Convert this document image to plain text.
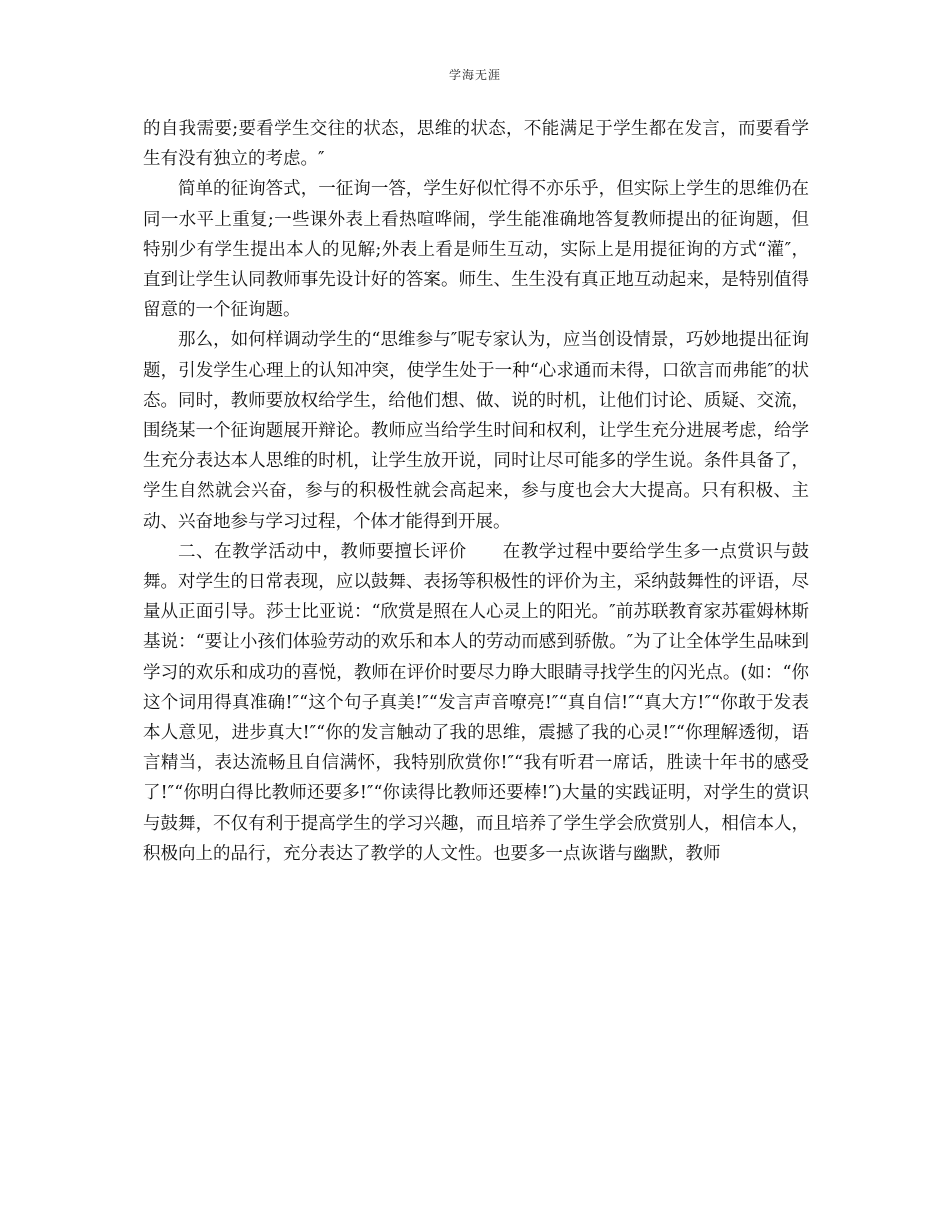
学海无涯

的自我需要;要看学生交往的状态，思维的状态，不能满足于学生都在发言，而要看学生有没有独立的考虑。″

简单的征询答式，一征询一答，学生好似忙得不亦乐乎，但实际上学生的思维仍在同一水平上重复;一些课外表上看热喧哗闹，学生能准确地答复教师提出的征询题，但特别少有学生提出本人的见解;外表上看是师生互动，实际上是用提征询的方式“灌″，直到让学生认同教师事先设计好的答案。师生、生生没有真正地互动起来，是特别值得留意的一个征询题。

那么，如何样调动学生的“思维参与″呢专家认为，应当创设情景，巧妙地提出征询题，引发学生心理上的认知冲突，使学生处于一种“心求通而未得，口欲言而弗能″的状态。同时，教师要放权给学生，给他们想、做、说的时机，让他们讨论、质疑、交流，围绕某一个征询题展开辩论。教师应当给学生时间和权利，让学生充分进展考虑，给学生充分表达本人思维的时机，让学生放开说，同时让尽可能多的学生说。条件具备了，学生自然就会兴奋，参与的积极性就会高起来，参与度也会大大提高。只有积极、主动、兴奋地参与学习过程，个体才能得到开展。

二、在教学活动中，教师要擅长评价　　在教学过程中要给学生多一点赏识与鼓舞。对学生的日常表现，应以鼓舞、表扬等积极性的评价为主，采纳鼓舞性的评语，尽量从正面引导。莎士比亚说：“欣赏是照在人心灵上的阳光。″前苏联教育家苏霍姆林斯基说：“要让小孩们体验劳动的欢乐和本人的劳动而感到骄傲。″为了让全体学生品味到学习的欢乐和成功的喜悦，教师在评价时要尽力睁大眼睛寻找学生的闪光点。(如：“你这个词用得真准确!″“这个句子真美!″“发言声音嘹亮!″“真自信!″“真大方!″“你敢于发表本人意见，进步真大!″“你的发言触动了我的思维，震撼了我的心灵!″“你理解透彻，语言精当，表达流畅且自信满怀，我特别欣赏你!″“我有听君一席话，胜读十年书的感受了!″“你明白得比教师还要多!″“你读得比教师还要棒!″)大量的实践证明，对学生的赏识与鼓舞，不仅有利于提高学生的学习兴趣，而且培养了学生学会欣赏别人，相信本人，积极向上的品行，充分表达了教学的人文性。也要多一点诙谐与幽默，教师
